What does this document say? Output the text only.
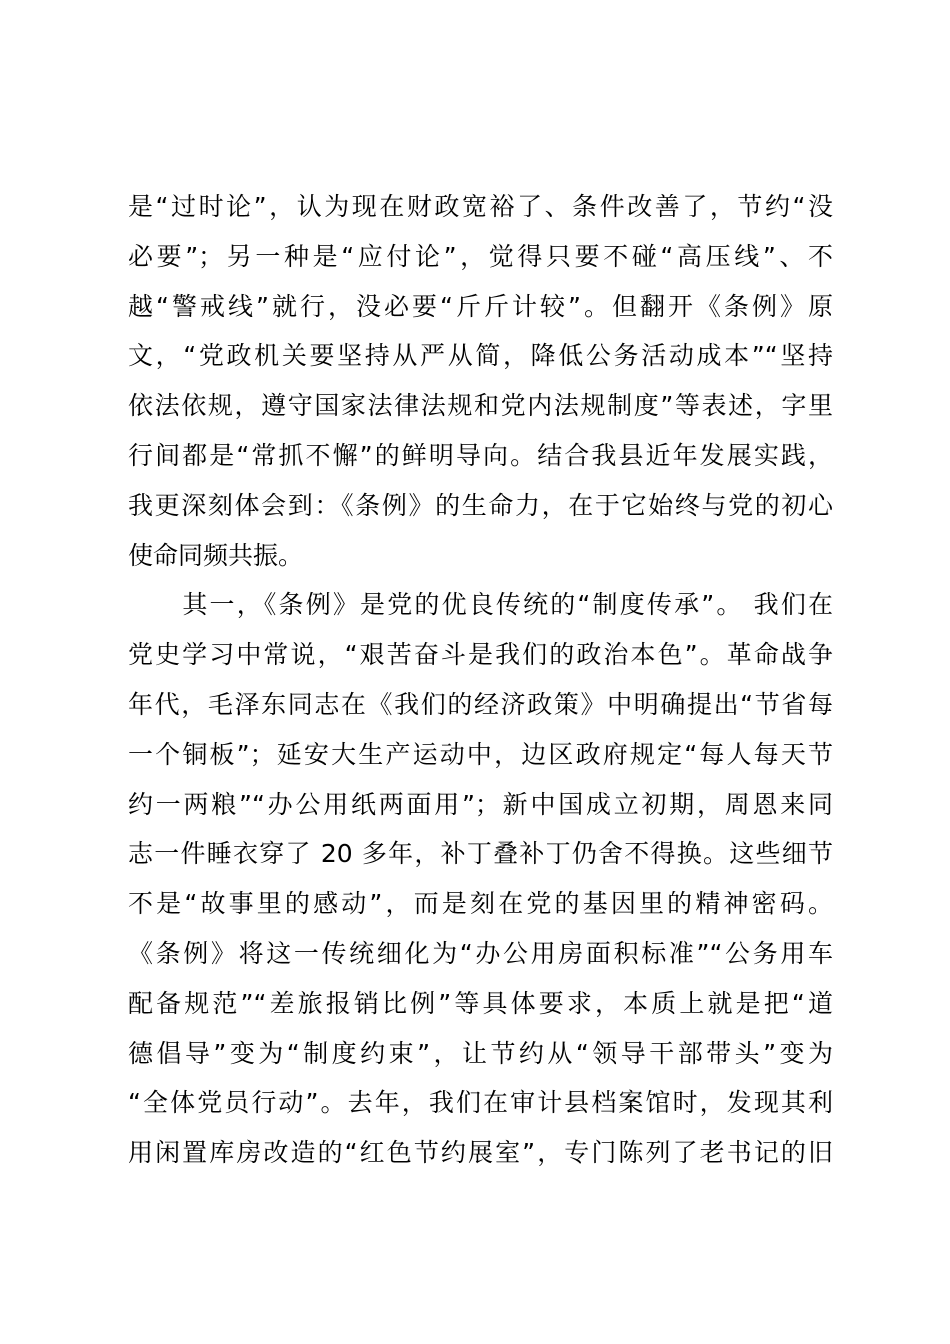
是“过时论”，认为现在财政宽裕了、条件改善了，节约“没
必要”；另一种是“应付论”，觉得只要不碰“高压线”、不
越“警戒线”就行，没必要“斤斤计较”。但翻开《条例》原
文，“党政机关要坚持从严从简，降低公务活动成本”“坚持
依法依规，遵守国家法律法规和党内法规制度”等表述，字里
行间都是“常抓不懈”的鲜明导向。结合我县近年发展实践，
我更深刻体会到：《条例》的生命力，在于它始终与党的初心
使命同频共振。
　　其一，《条例》是党的优良传统的“制度传承”。 我们在
党史学习中常说，“艰苦奋斗是我们的政治本色”。革命战争
年代，毛泽东同志在《我们的经济政策》中明确提出“节省每
一个铜板”；延安大生产运动中，边区政府规定“每人每天节
约一两粮”“办公用纸两面用”；新中国成立初期，周恩来同
志一件睡衣穿了 20 多年，补丁叠补丁仍舍不得换。这些细节
不是“故事里的感动”，而是刻在党的基因里的精神密码。
《条例》将这一传统细化为“办公用房面积标准”“公务用车
配备规范”“差旅报销比例”等具体要求，本质上就是把“道
德倡导”变为“制度约束”，让节约从“领导干部带头”变为
“全体党员行动”。去年，我们在审计县档案馆时，发现其利
用闲置库房改造的“红色节约展室”，专门陈列了老书记的旧
